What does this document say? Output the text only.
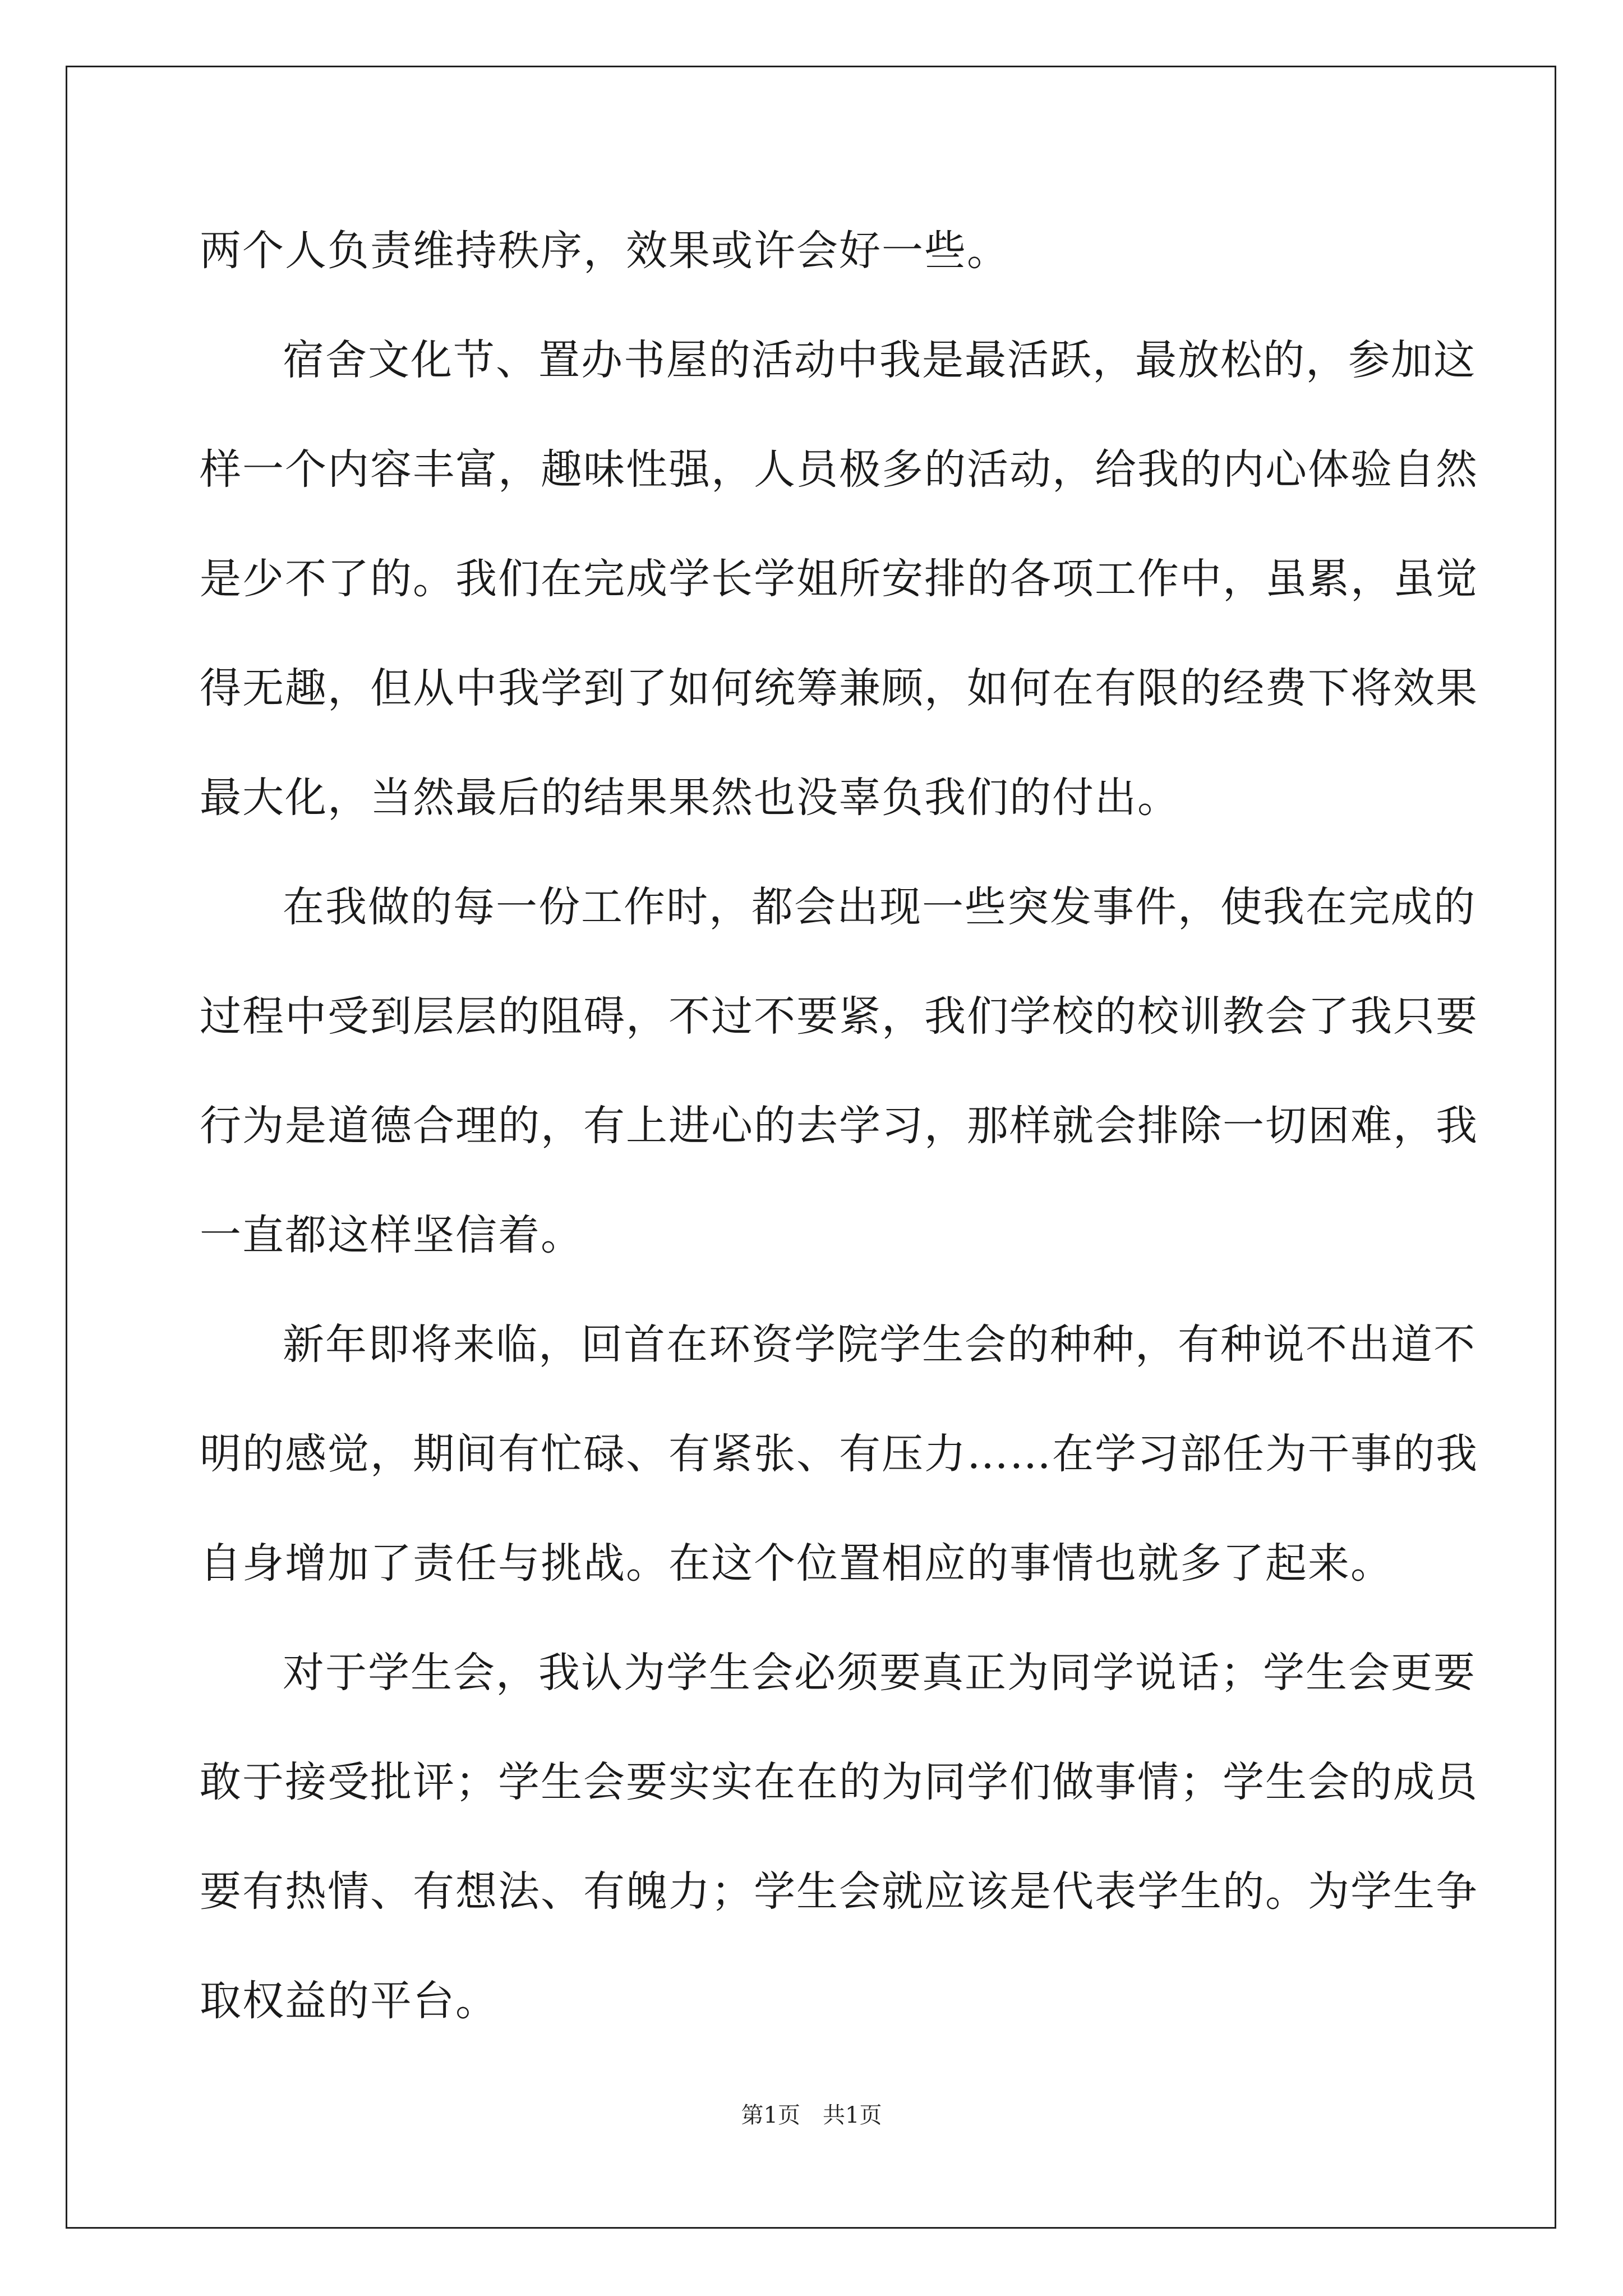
两个人负责维持秩序，效果或许会好一些。
宿舍文化节、置办书屋的活动中我是最活跃，最放松的，参加这
样一个内容丰富，趣味性强，人员极多的活动，给我的内心体验自然
是少不了的。我们在完成学长学姐所安排的各项工作中，虽累，虽觉
得无趣，但从中我学到了如何统筹兼顾，如何在有限的经费下将效果
最大化，当然最后的结果果然也没辜负我们的付出。
在我做的每一份工作时，都会出现一些突发事件，使我在完成的
过程中受到层层的阻碍，不过不要紧，我们学校的校训教会了我只要
行为是道德合理的，有上进心的去学习，那样就会排除一切困难，我
一直都这样坚信着。
新年即将来临，回首在环资学院学生会的种种，有种说不出道不
明的感觉，期间有忙碌、有紧张、有压力……在学习部任为干事的我
自身增加了责任与挑战。在这个位置相应的事情也就多了起来。
对于学生会，我认为学生会必须要真正为同学说话；学生会更要
敢于接受批评；学生会要实实在在的为同学们做事情；学生会的成员
要有热情、有想法、有魄力；学生会就应该是代表学生的。为学生争
取权益的平台。
第1页 共1页
